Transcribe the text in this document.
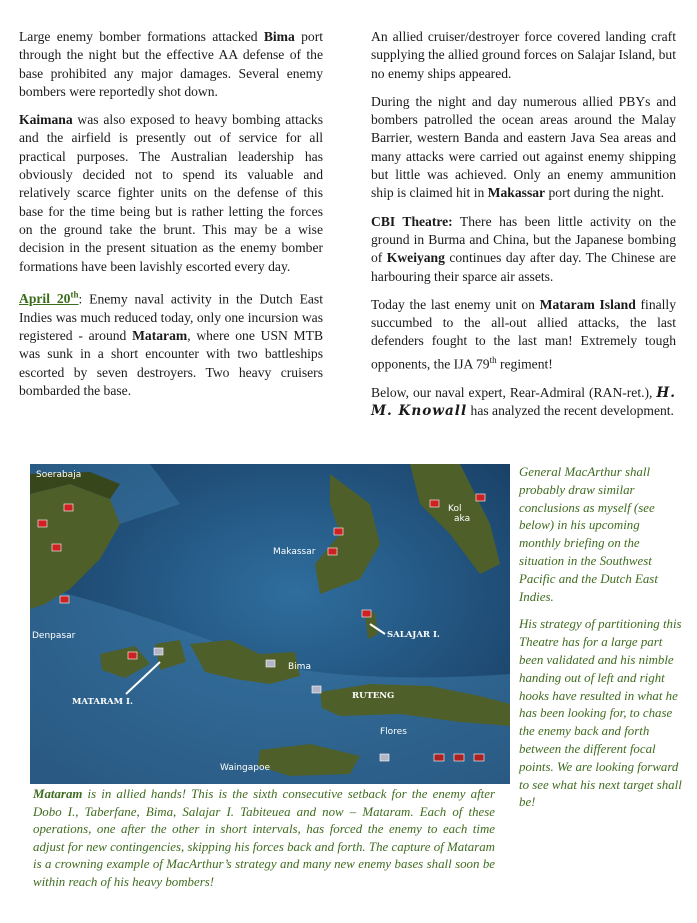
Large enemy bomber formations attacked Bima port through the night but the effective AA defense of the base prohibited any major damages. Several enemy bombers were reportedly shot down.

Kaimana was also exposed to heavy bombing attacks and the airfield is presently out of service for all practical purposes. The Australian leadership has obviously decided not to spend its valuable and relatively scarce fighter units on the defense of this base for the time being but is rather letting the forces on the ground take the brunt. This may be a wise decision in the present situation as the enemy bomber formations have been lavishly escorted every day.

April 20th: Enemy naval activity in the Dutch East Indies was much reduced today, only one incursion was registered - around Mataram, where one USN MTB was sunk in a short encounter with two battleships escorted by seven destroyers. Two heavy cruisers bombarded the base.

An allied cruiser/destroyer force covered landing craft supplying the allied ground forces on Salajar Island, but no enemy ships appeared.

During the night and day numerous allied PBYs and bombers patrolled the ocean areas around the Malay Barrier, western Banda and eastern Java Sea areas and many attacks were carried out against enemy shipping but little was achieved. Only an enemy ammunition ship is claimed hit in Makassar port during the night.

CBI Theatre: There has been little activity on the ground in Burma and China, but the Japanese bombing of Kweiyang continues day after day. The Chinese are harbouring their sparce air assets.

Today the last enemy unit on Mataram Island finally succumbed to the all-out allied attacks, the last defenders fought to the last man! Extremely tough opponents, the IJA 79th regiment!

Below, our naval expert, Rear-Admiral (RAN-ret.), H. M. Knowall has analyzed the recent development.

Soerabaja
Makassar
Kol
aka
Denpasar
MATARAM I.
Bima
SALAJAR I.
RUTENG
Flores
Waingapoe
Mataram is in allied hands! This is the sixth consecutive setback for the enemy after Dobo I., Taberfane, Bima, Salajar I. Tabiteuea and now – Mataram. Each of these operations, one after the other in short intervals, has forced the enemy to each time adjust for new contingencies, skipping his forces back and forth. The capture of Mataram is a crowning example of MacArthur’s strategy and many new enemy bases shall soon be within reach of his heavy bombers!

General MacArthur shall probably draw similar conclusions as myself (see below) in his upcoming monthly briefing on the situation in the Southwest Pacific and the Dutch East Indies.

His strategy of partitioning this Theatre has for a large part been validated and his nimble handing out of left and right hooks have resulted in what he has been looking for, to chase the enemy back and forth between the different focal points. We are looking forward to see what his next target shall be!
